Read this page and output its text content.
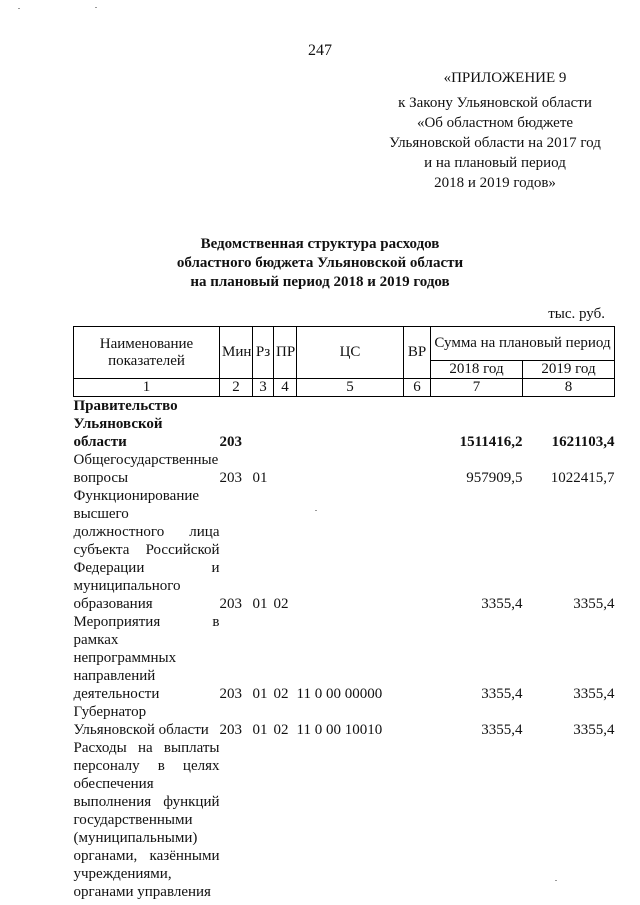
247
«ПРИЛОЖЕНИЕ 9
к Закону Ульяновской области
«Об областном бюджете
Ульяновской области на 2017 год
и на плановый период
2018 и 2019 годов»
Ведомственная структура расходов
областного бюджета Ульяновской области
на плановый период 2018 и 2019 годов
тыс. руб.
Наименование показателей	Мин	Рз	ПР	ЦС	ВР	Сумма на плановый период	
						2018 год	2019 год
1	2	3	4	5	6	7	8
Правительство Ульяновской области	203					1511416,2	1621103,4
Общегосударственные вопросы	203	01				957909,5	1022415,7
Функционирование высшего должностного лица субъекта Российской Федерации и муниципального образования	203	01	02			3355,4	3355,4
Мероприятия в рамках непрограммных направлений деятельности	203	01	02	11 0 00 00000		3355,4	3355,4
Губернатор Ульяновской области	203	01	02	11 0 00 10010		3355,4	3355,4
Расходы на выплаты персоналу в целях обеспечения выполнения функций государственными (муниципальными) органами, казёнными учреждениями, органами управления							
